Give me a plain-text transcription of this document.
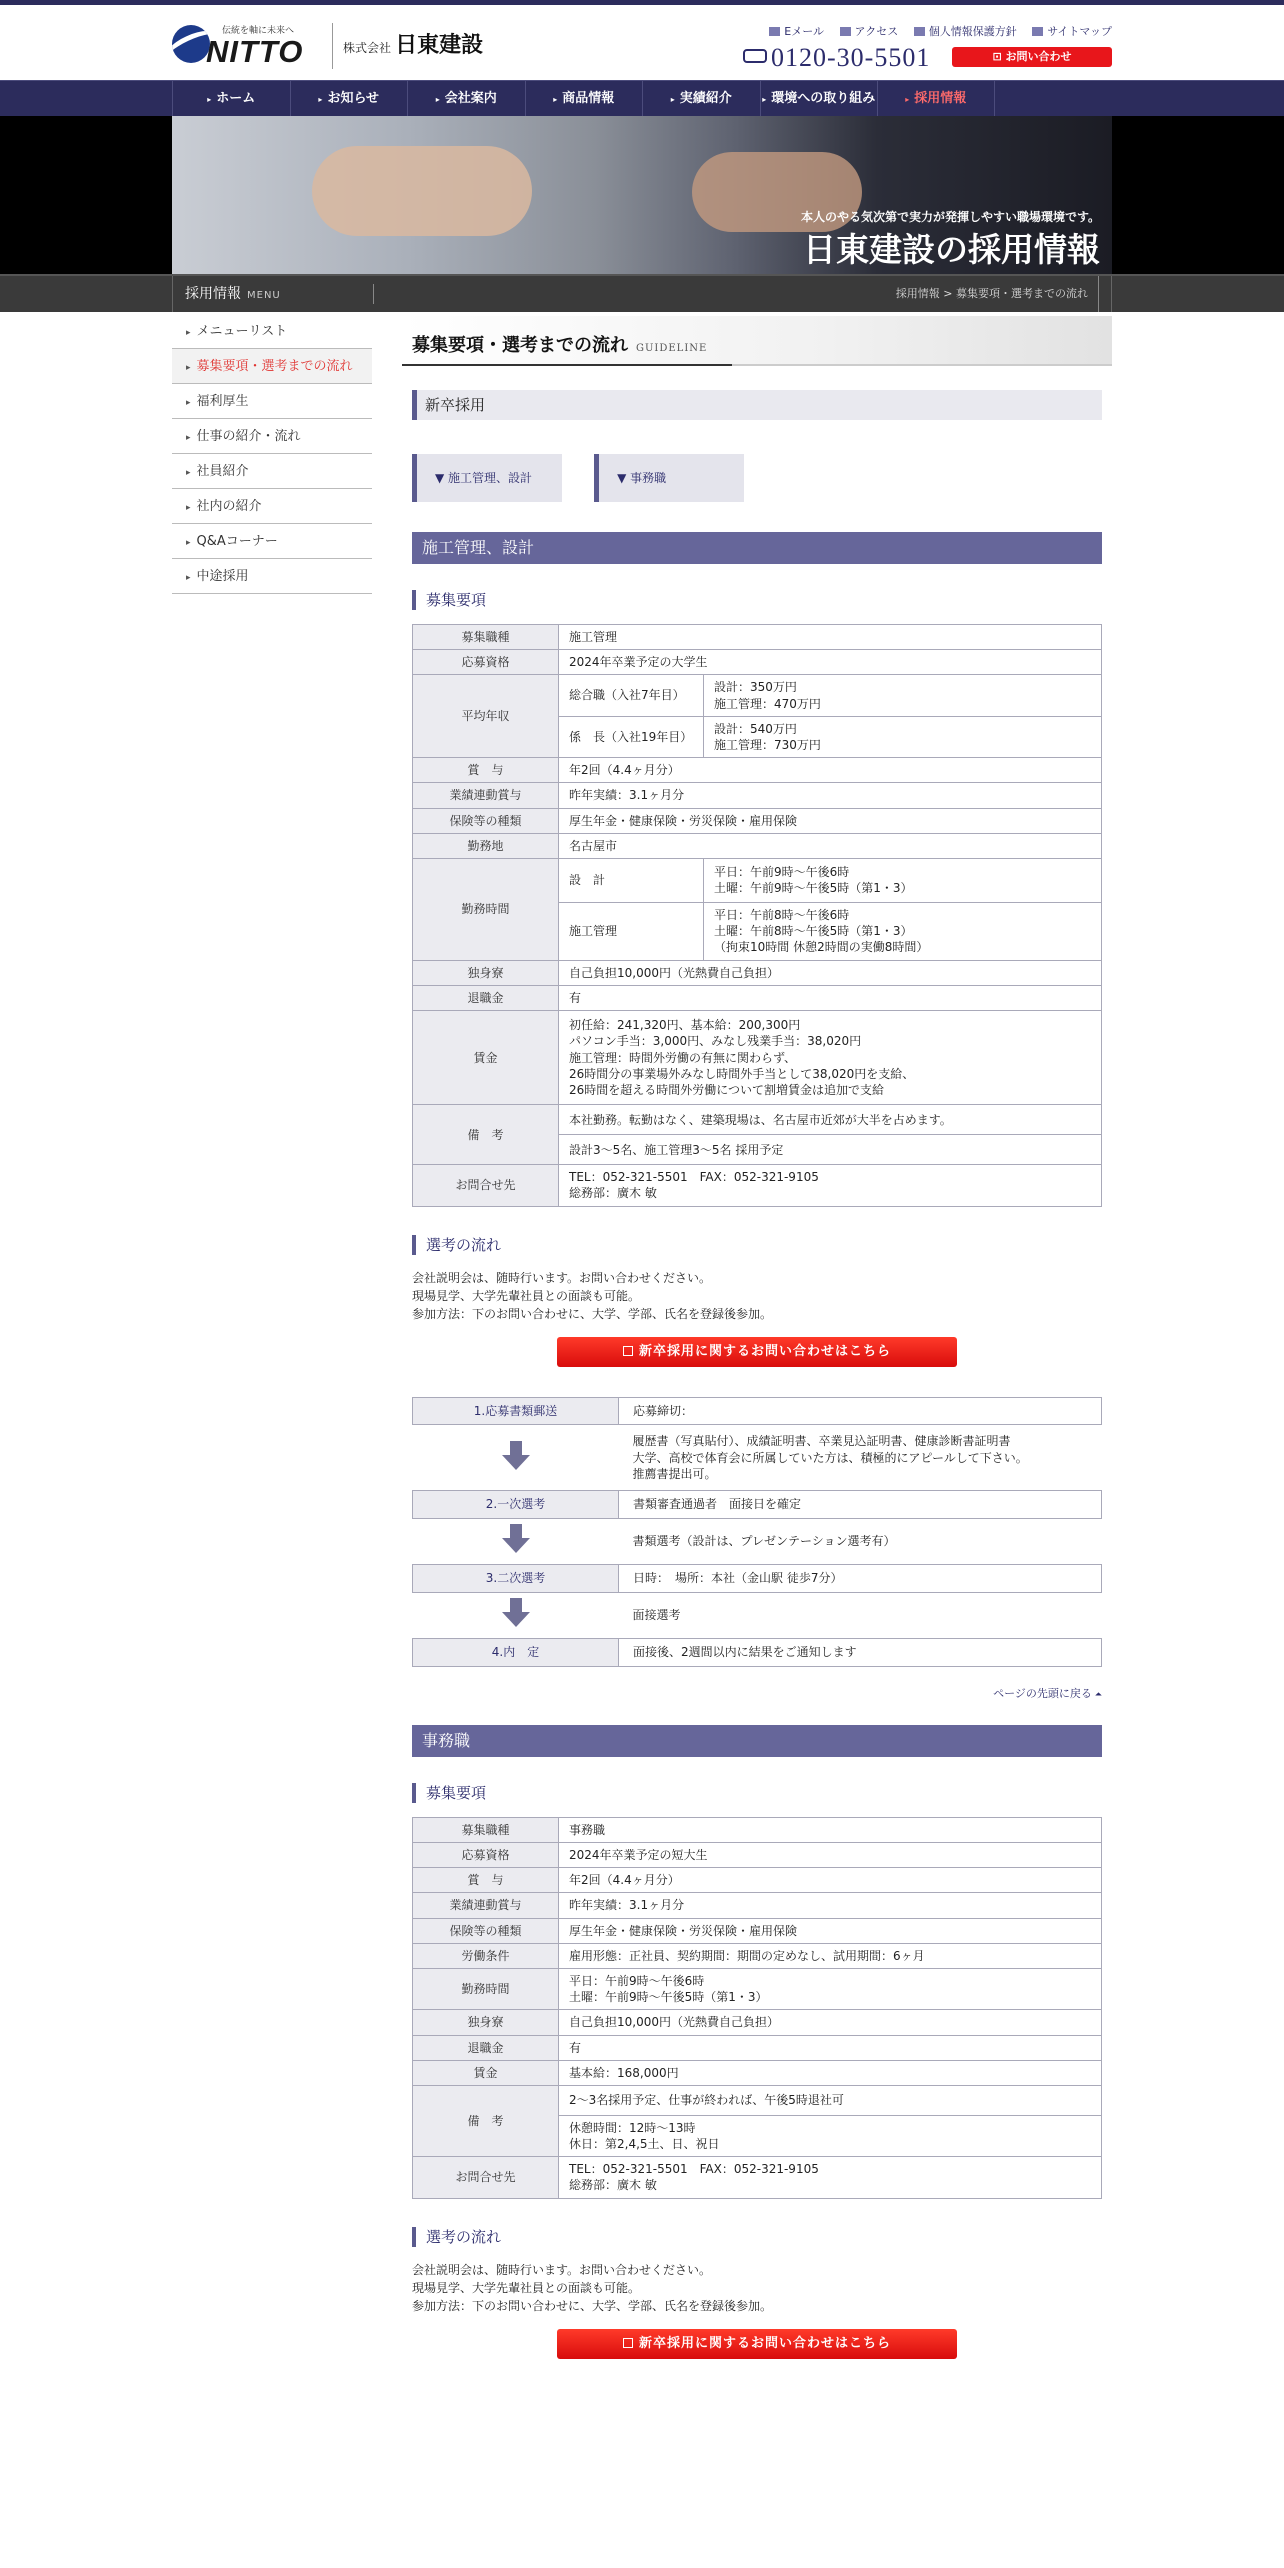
伝統を軸に未来へ
NITTO	株式会社 日東建設
Eメール	アクセス	個人情報保護方針	サイトマップ
0120-30-5501	⊡ お問い合わせ
▸ ホーム	▸ お知らせ	▸ 会社案内	▸ 商品情報	▸ 実績紹介	▸ 環境への取り組み	▸ 採用情報
本人のやる気次第で実力が発揮しやすい職場環境です。
日東建設の採用情報
採用情報 MENU	採用情報 > 募集要項・選考までの流れ
▸ メニューリスト
▸ 募集要項・選考までの流れ
▸ 福利厚生
▸ 仕事の紹介・流れ
▸ 社員紹介
▸ 社内の紹介
▸ Q&Aコーナー
▸ 中途採用
募集要項・選考までの流れ GUIDELINE
新卒採用
▼ 施工管理、設計	▼ 事務職
施工管理、設計
募集要項
募集職種	施工管理	
応募資格	2024年卒業予定の大学生	
平均年収	総合職（入社7年目）	設計：350万円
施工管理：470万円
	係　長（入社19年目）	設計：540万円
施工管理：730万円
賞　与	年2回（4.4ヶ月分）	
業績連動賞与	昨年実績：3.1ヶ月分	
保険等の種類	厚生年金・健康保険・労災保険・雇用保険	
勤務地	名古屋市	
勤務時間	設　計	平日：午前9時～午後6時
土曜：午前9時～午後5時（第1・3）
	施工管理	平日：午前8時～午後6時
土曜：午前8時～午後5時（第1・3）
（拘束10時間 休憩2時間の実働8時間）
独身寮	自己負担10,000円（光熱費自己負担）	
退職金	有	
賃金	初任給：241,320円、基本給：200,300円
パソコン手当：3,000円、みなし残業手当：38,020円
施工管理：時間外労働の有無に関わらず、
26時間分の事業場外みなし時間外手当として38,020円を支給、
26時間を超える時間外労働について割増賃金は追加で支給	
備　考	本社勤務。転勤はなく、建築現場は、名古屋市近郊が大半を占めます。	
	設計3〜5名、施工管理3〜5名 採用予定	
お問合せ先	TEL：052-321-5501　FAX：052-321-9105
総務部：廣木 敏	
選考の流れ
会社説明会は、随時行います。お問い合わせください。
現場見学、大学先輩社員との面談も可能。
参加方法：下のお問い合わせに、大学、学部、氏名を登録後参加。
新卒採用に関するお問い合わせはこちら
1.応募書類郵送	応募締切：
	履歴書（写真貼付）、成績証明書、卒業見込証明書、健康診断書証明書
大学、高校で体育会に所属していた方は、積極的にアピールして下さい。
推薦書提出可。
2.一次選考	書類審査通過者　面接日を確定
	書類選考（設計は、プレゼンテーション選考有）
3.二次選考	日時：　場所：本社（金山駅 徒歩7分）
	面接選考
4.内　定	面接後、2週間以内に結果をご通知します
ページの先頭に戻る ⏶
事務職
募集要項
募集職種	事務職
応募資格	2024年卒業予定の短大生
賞　与	年2回（4.4ヶ月分）
業績連動賞与	昨年実績：3.1ヶ月分
保険等の種類	厚生年金・健康保険・労災保険・雇用保険
労働条件	雇用形態：正社員、契約期間：期間の定めなし、試用期間：6ヶ月
勤務時間	平日：午前9時～午後6時
土曜：午前9時～午後5時（第1・3）
独身寮	自己負担10,000円（光熱費自己負担）
退職金	有
賃金	基本給：168,000円
備　考	2～3名採用予定、仕事が終われば、午後5時退社可
	休憩時間：12時～13時
休日：第2,4,5土、日、祝日
お問合せ先	TEL：052-321-5501　FAX：052-321-9105
総務部：廣木 敏
選考の流れ
会社説明会は、随時行います。お問い合わせください。
現場見学、大学先輩社員との面談も可能。
参加方法：下のお問い合わせに、大学、学部、氏名を登録後参加。
新卒採用に関するお問い合わせはこちら
